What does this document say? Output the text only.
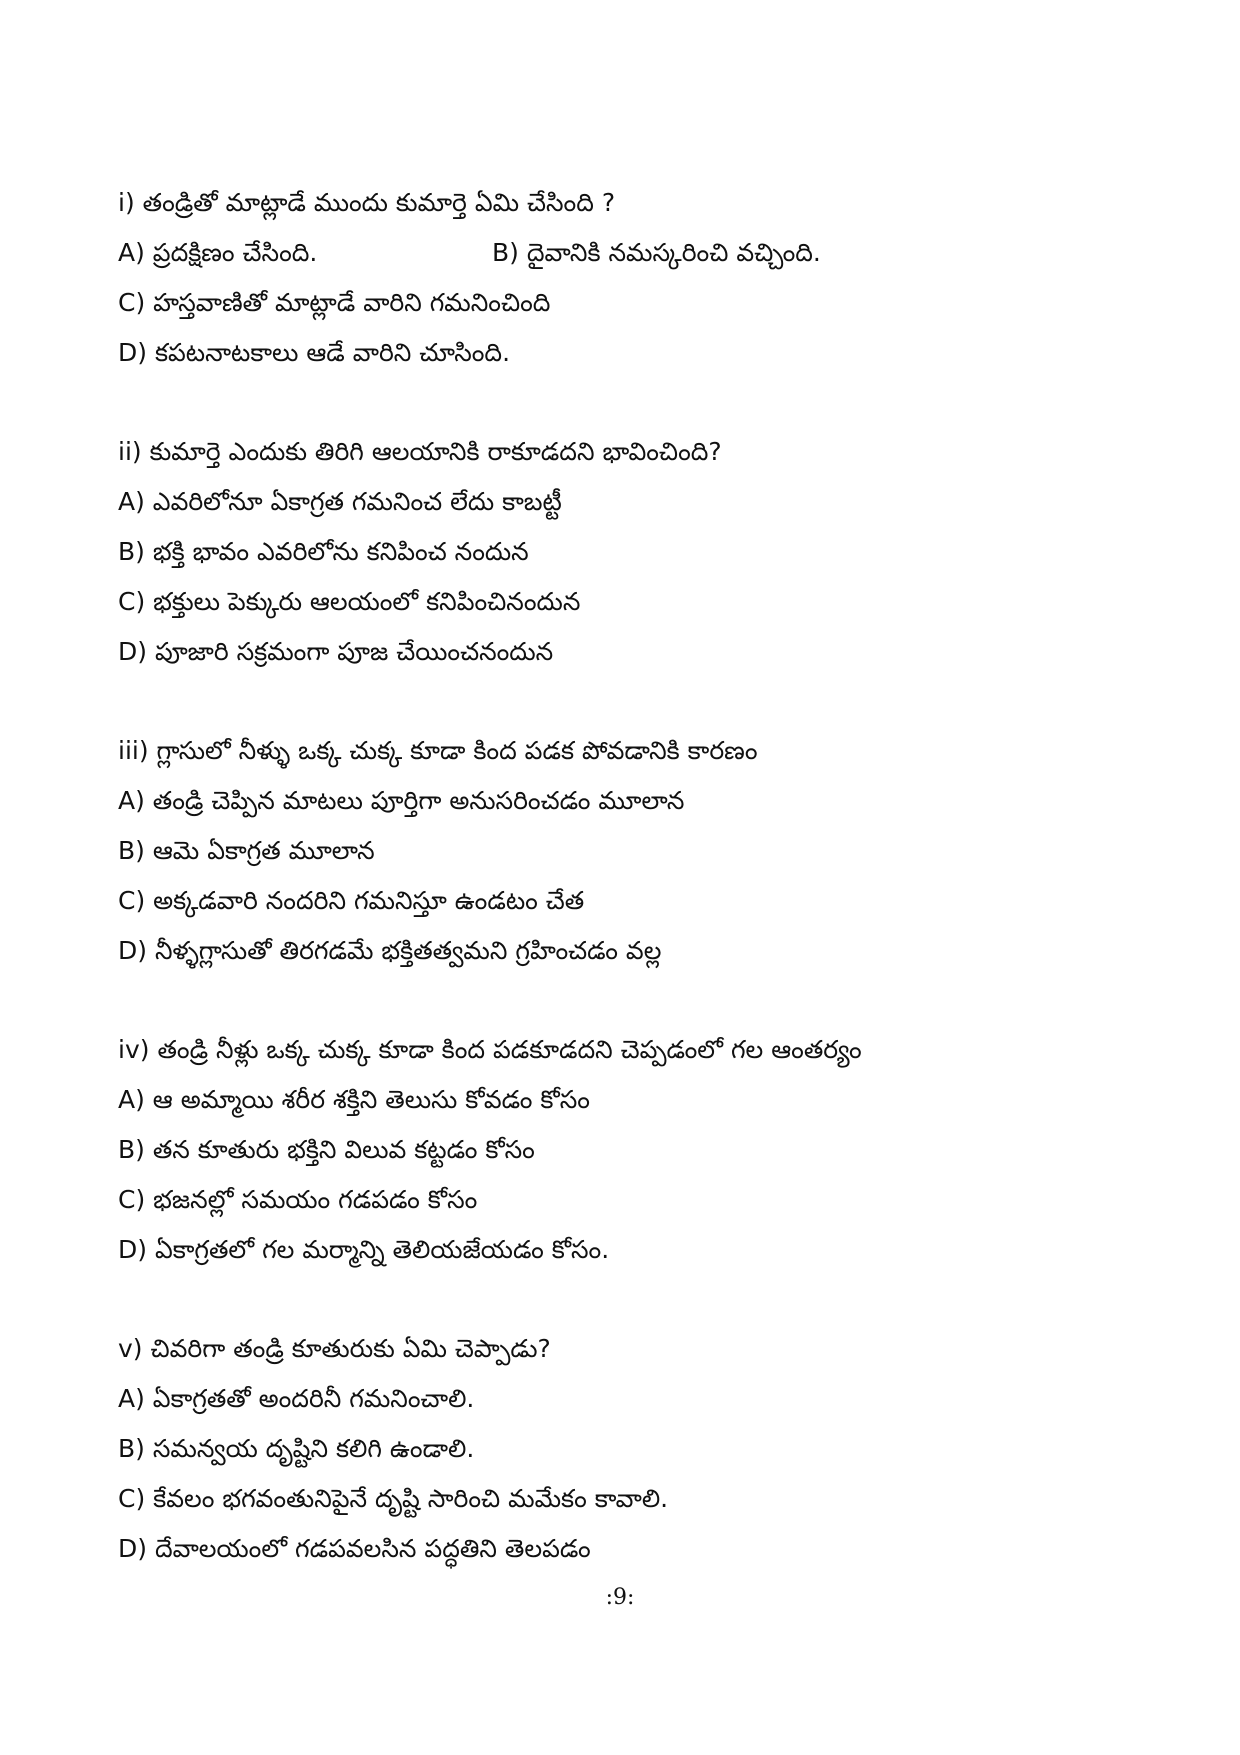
i) తండ్రితో మాట్లాడే ముందు కుమార్తె ఏమి చేసింది ?
A) ప్రదక్షిణం చేసింది.	B) దైవానికి నమస్కరించి వచ్చింది.
C) హస్తవాణితో మాట్లాడే వారిని గమనించింది
D) కపటనాటకాలు ఆడే వారిని చూసింది.
ii) కుమార్తె ఎందుకు తిరిగి ఆలయానికి రాకూడదని భావించింది?
A) ఎవరిలోనూ ఏకాగ్రత గమనించ లేదు కాబట్టీ
B) భక్తి భావం ఎవరిలోను కనిపించ నందున
C) భక్తులు పెక్కురు ఆలయంలో కనిపించినందున
D) పూజారి సక్రమంగా పూజ చేయించనందున
iii) గ్లాసులో నీళ్ళు ఒక్క చుక్క కూడా కింద పడక పోవడానికి కారణం
A) తండ్రి చెప్పిన మాటలు పూర్తిగా అనుసరించడం మూలాన
B) ఆమె ఏకాగ్రత మూలాన
C) అక్కడవారి నందరిని గమనిస్తూ ఉండటం చేత
D) నీళ్ళగ్లాసుతో తిరగడమే భక్తితత్వమని గ్రహించడం వల్ల
iv) తండ్రి నీళ్లు ఒక్క చుక్క కూడా కింద పడకూడదని చెప్పడంలో గల ఆంతర్యం
A) ఆ అమ్మాయి శరీర శక్తిని తెలుసు కోవడం కోసం
B) తన కూతురు భక్తిని విలువ కట్టడం కోసం
C) భజనల్లో సమయం గడపడం కోసం
D) ఏకాగ్రతలో గల మర్మాన్ని తెలియజేయడం కోసం.
v) చివరిగా తండ్రి కూతురుకు ఏమి చెప్పాడు?
A) ఏకాగ్రతతో అందరినీ గమనించాలి.
B) సమన్వయ దృష్టిని కలిగి ఉండాలి.
C) కేవలం భగవంతునిపైనే దృష్టి సారించి మమేకం కావాలి.
D) దేవాలయంలో గడపవలసిన పద్ధతిని తెలపడం
:9:
